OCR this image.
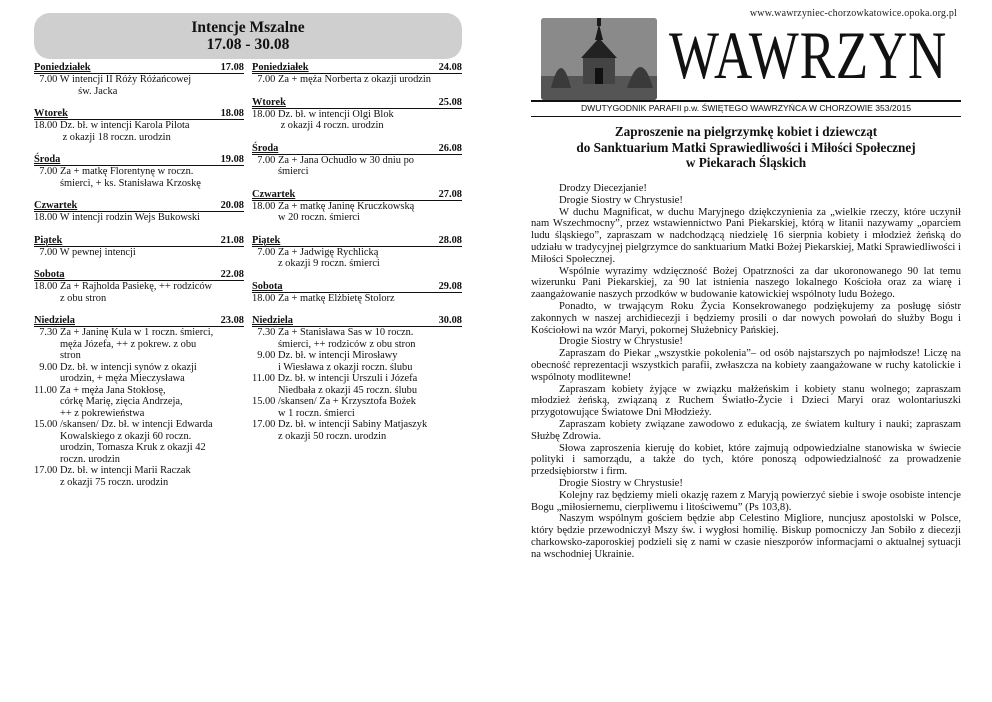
Intencje Mszalne
17.08 - 30.08
Poniedziałek	17.08
7.00 W intencji II Róży Różańcowej
św. Jacka
Wtorek	18.08
18.00 Dz. bł. w intencji Karola Pilota
z okazji 18 roczn. urodzin
Środa	19.08
7.00 Za + matkę Florentynę w roczn.
śmierci, + ks. Stanisława Krzoskę
Czwartek	20.08
18.00 W intencji rodzin Wejs Bukowski
Piątek	21.08
7.00 W pewnej intencji
Sobota	22.08
18.00 Za + Rajholda Pasiekę, ++ rodziców
z obu stron
Niedziela	23.08
7.30 Za + Janinę Kula w 1 roczn. śmierci,
męża Józefa, ++ z pokrew. z obu
stron
9.00 Dz. bł. w intencji synów z okazji
urodzin, + męża Mieczysława
11.00 Za + męża Jana Stokłosę,
córkę Marię, zięcia Andrzeja,
++ z pokrewieństwa
15.00 /skansen/ Dz. bł. w intencji Edwarda
Kowalskiego z okazji 60 roczn.
urodzin, Tomasza Kruk z okazji 42
roczn. urodzin
17.00 Dz. bł. w intencji Marii Raczak
z okazji 75 roczn. urodzin
Poniedziałek	24.08
7.00 Za + męża Norberta z okazji urodzin
Wtorek	25.08
18.00 Dz. bł. w intencji Olgi Blok
z okazji 4 roczn. urodzin
Środa	26.08
7.00 Za + Jana Ochudło w 30 dniu po
śmierci
Czwartek	27.08
18.00 Za + matkę Janinę Kruczkowską
w 20 roczn. śmierci
Piątek	28.08
7.00 Za + Jadwigę Rychlicką
z okazji 9 roczn. śmierci
Sobota	29.08
18.00 Za + matkę Elżbietę Stolorz
Niedziela	30.08
7.30 Za + Stanisława Sas w 10 roczn.
śmierci, ++ rodziców z obu stron
9.00 Dz. bł. w intencji Mirosławy
i Wiesława z okazji roczn. ślubu
11.00 Dz. bł. w intencji Urszuli i Józefa
Niedbała z okazji 45 roczn. ślubu
15.00 /skansen/ Za + Krzysztofa Bożek
w 1 roczn. śmierci
17.00 Dz. bł. w intencji Sabiny Matjaszyk
z okazji 50 roczn. urodzin
www.wawrzyniec-chorzowkatowice.opoka.org.pl
WAWRZYN
DWUTYGODNIK PARAFII p.w. ŚWIĘTEGO WAWRZYŃCA W CHORZOWIE 353/2015
Zaproszenie na pielgrzymkę kobiet i dziewcząt
do Sanktuarium Matki Sprawiedliwości i Miłości Społecznej
w Piekarach Śląskich

Drodzy Diecezjanie!

Drogie Siostry w Chrystusie!

W duchu Magnificat, w duchu Maryjnego dziękczynienia za „wielkie rzeczy, które uczynił nam Wszechmocny”, przez wstawiennictwo Pani Piekarskiej, którą w litanii nazywamy „oparciem ludu śląskiego”, zapraszam w nadchodzącą niedzielę 16 sierpnia kobiety i młodzież żeńską do udziału w tradycyjnej pielgrzymce do sanktuarium Matki Bożej Piekarskiej, Matki Sprawiedliwości i Miłości Społecznej.

Wspólnie wyrazimy wdzięczność Bożej Opatrzności za dar ukoronowanego 90 lat temu wizerunku Pani Piekarskiej, za 90 lat istnienia naszego lokalnego Kościoła oraz za wiarę i zaangażowanie naszych przodków w budowanie katowickiej wspólnoty ludu Bożego.

Ponadto, w trwającym Roku Życia Konsekrowanego podziękujemy za posługę sióstr zakonnych w naszej archidiecezji i będziemy prosili o dar nowych powołań do służby Bogu i Kościołowi na wzór Maryi, pokornej Służebnicy Pańskiej.

Drogie Siostry w Chrystusie!

Zapraszam do Piekar „wszystkie pokolenia”– od osób najstarszych po najmłodsze! Liczę na obecność reprezentacji wszystkich parafii, zwłaszcza na kobiety zaangażowane w ruchy katolickie i wspólnoty modlitewne!

Zapraszam kobiety żyjące w związku małżeńskim i kobiety stanu wolnego; zapraszam młodzież żeńską, związaną z Ruchem Światło-Życie i Dzieci Maryi oraz wolontariuszki przygotowujące Światowe Dni Młodzieży.

Zapraszam kobiety związane zawodowo z edukacją, ze światem kultury i nauki; zapraszam Służbę Zdrowia.

Słowa zaproszenia kieruję do kobiet, które zajmują odpowiedzialne stanowiska w świecie polityki i samorządu, a także do tych, które ponoszą odpowiedzialność za prowadzenie przedsiębiorstw i firm.

Drogie Siostry w Chrystusie!

Kolejny raz będziemy mieli okazję razem z Maryją powierzyć siebie i swoje osobiste intencje Bogu „miłosiernemu, cierpliwemu i litościwemu” (Ps 103,8).

Naszym wspólnym gościem będzie abp Celestino Migliore, nuncjusz apostolski w Polsce, który będzie przewodniczył Mszy św. i wygłosi homilię. Biskup pomocniczy Jan Sobiło z diecezji charkowsko-zaporoskiej podzieli się z nami w czasie nieszporów informacjami o aktualnej sytuacji na wschodniej Ukrainie.
